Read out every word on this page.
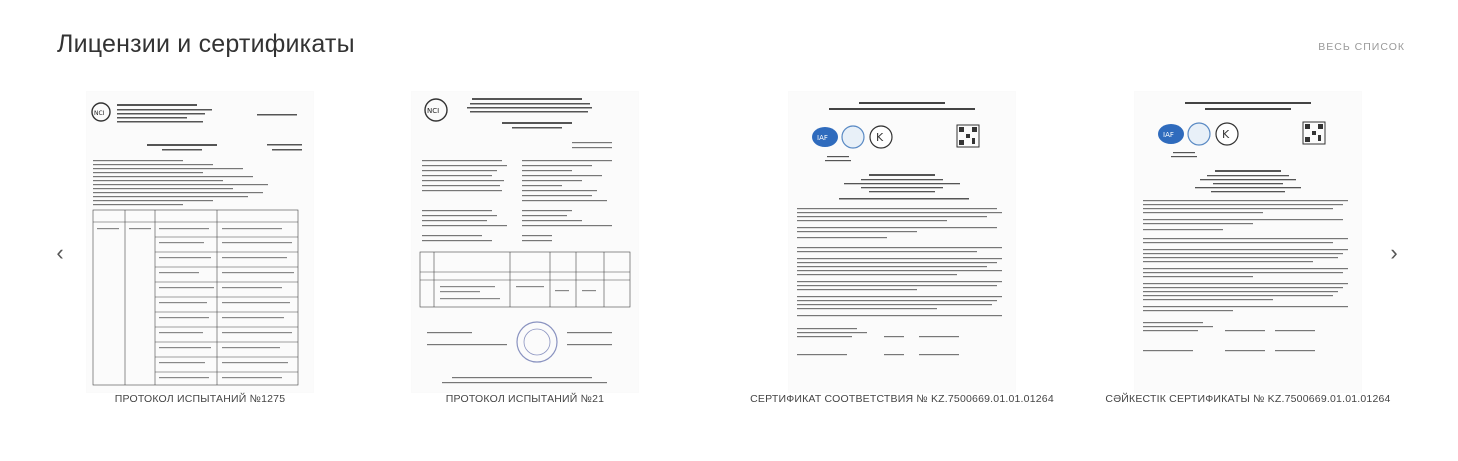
Лицензии и сертификаты	ВЕСЬ СПИСОК
‹	›
NCI
ПРОТОКОЛ ИСПЫТАНИЙ №1275
NCI
ПРОТОКОЛ ИСПЫТАНИЙ №21
IAF	K
СЕРТИФИКАТ СООТВЕТСТВИЯ № KZ.7500669.01.01.01264
IAF	K
СӘЙКЕСТІК СЕРТИФИКАТЫ № KZ.7500669.01.01.01264
